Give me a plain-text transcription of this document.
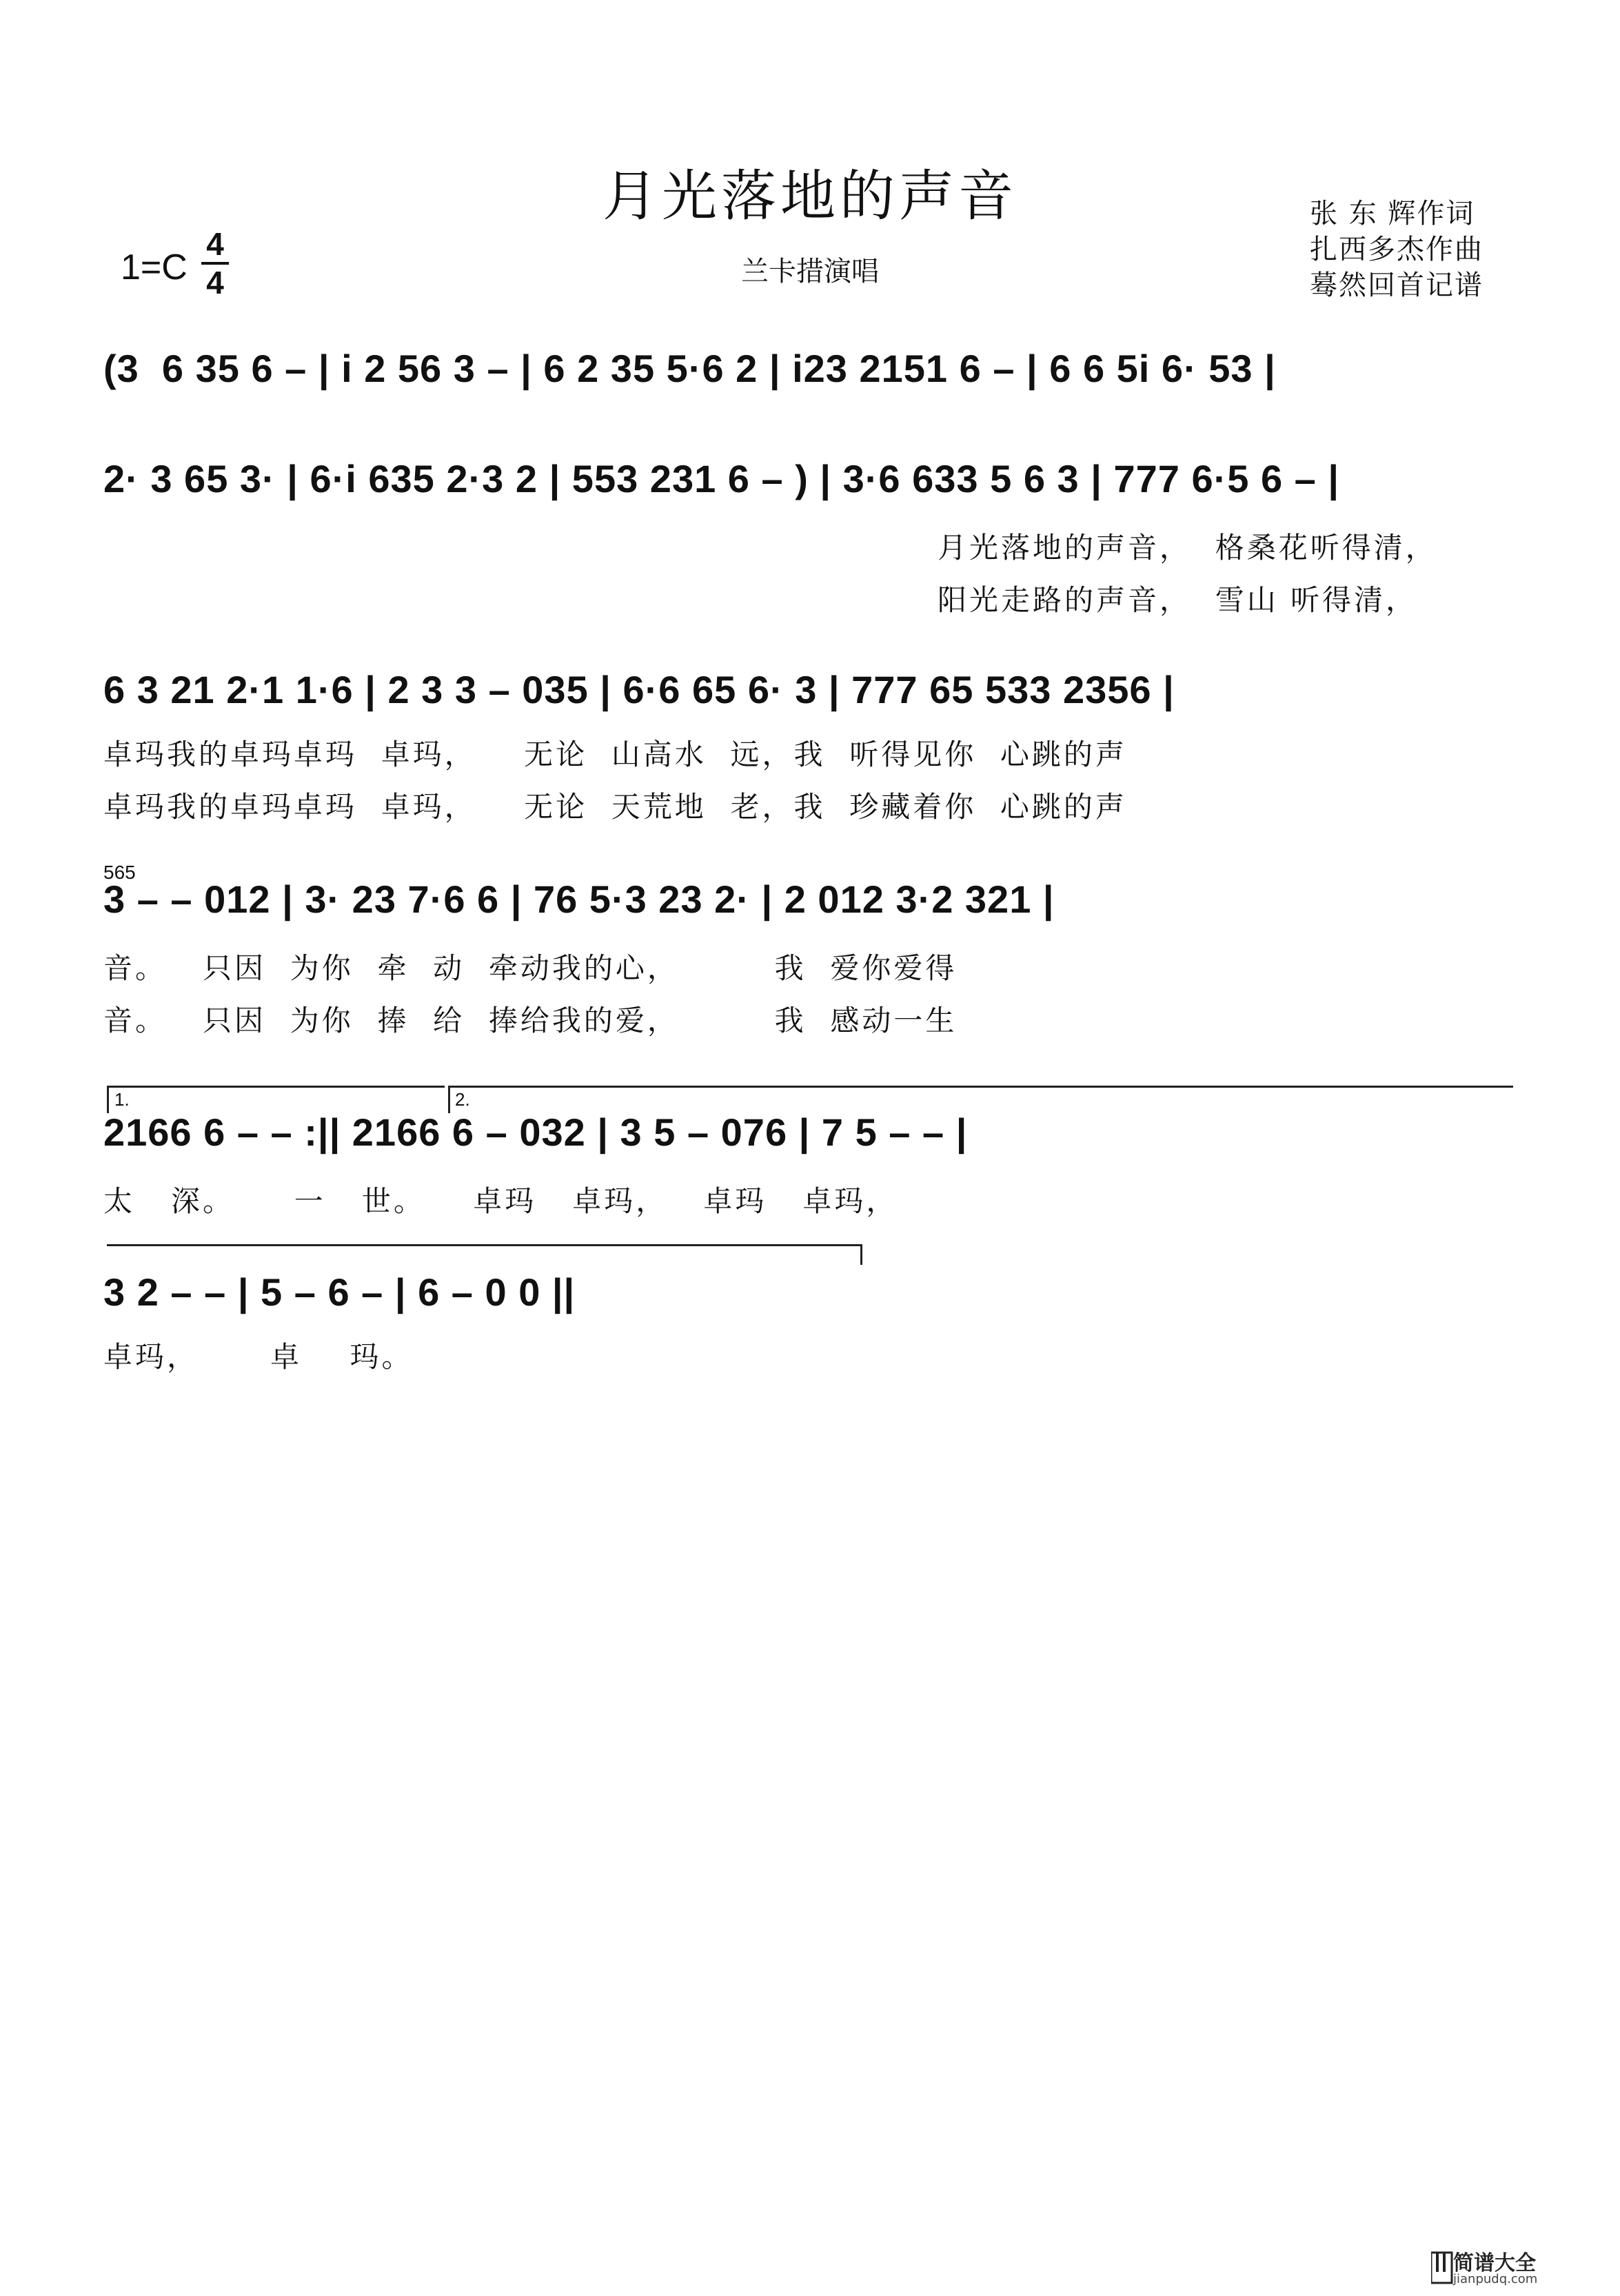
月光落地的声音
兰卡措演唱
张 东 辉作词
扎西多杰作曲
蓦然回首记谱
1=C
4
4
(3  6 35 6 – | i 2 56 3 – | 6 2 35 5·6 2 | i23 2151 6 – | 6 6 5i 6· 53 |
2· 3 65 3· | 6·i 635 2·3 2 | 553 231 6 – ) | 3·6 633 5 6 3 | 777 6·5 6 – |
月光落地的声音，  格桑花听得清，
阳光走路的声音，  雪山 听得清，
6 3 21 2·1 1·6 | 2 3 3 – 035 | 6·6 65 6· 3 | 777 65 533 2356 |
卓玛我的卓玛卓玛  卓玛，    无论  山高水  远，我  听得见你  心跳的声
卓玛我的卓玛卓玛  卓玛，    无论  天荒地  老，我  珍藏着你  心跳的声
565
3 – – 012 | 3· 23 7·6 6 | 76 5·3 23 2· | 2 012 3·2 321 |
音。   只因  为你  牵  动  牵动我的心，        我  爱你爱得
音。   只因  为你  捧  给  捧给我的爱，        我  感动一生
1.	2.
2166 6 – – :|| 2166 6 – 032 | 3 5 – 076 | 7 5 – – |
太   深。     一   世。    卓玛   卓玛，   卓玛   卓玛，
3 2 – – | 5 – 6 – | 6 – 0 0 ||
卓玛，      卓    玛。
简谱大全
jianpudq.com
